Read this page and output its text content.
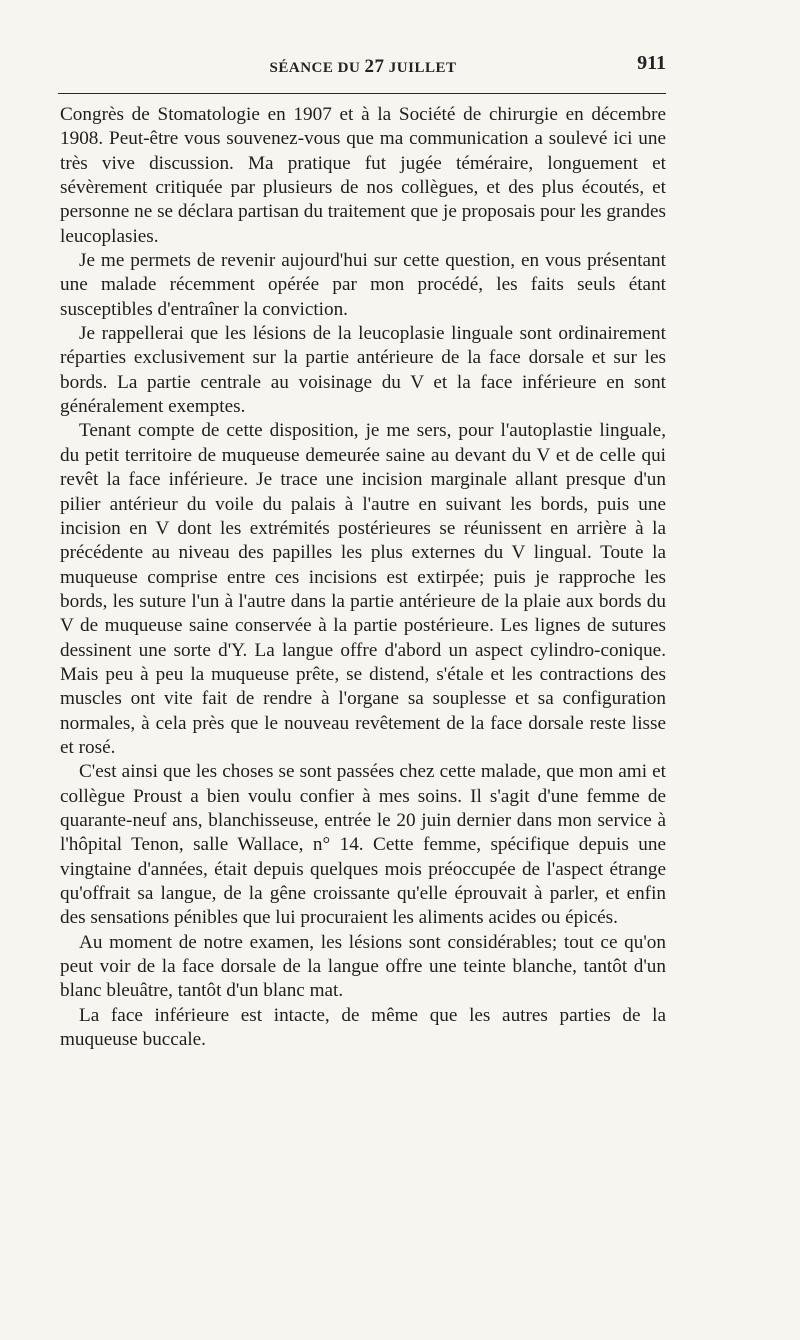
SÉANCE DU 27 JUILLET	911

Congrès de Stomatologie en 1907 et à la Société de chirurgie en décembre 1908. Peut-être vous souvenez-vous que ma communication a soulevé ici une très vive discussion. Ma pratique fut jugée téméraire, longuement et sévèrement critiquée par plusieurs de nos collègues, et des plus écoutés, et personne ne se déclara partisan du traitement que je proposais pour les grandes leucoplasies.

Je me permets de revenir aujourd'hui sur cette question, en vous présentant une malade récemment opérée par mon procédé, les faits seuls étant susceptibles d'entraîner la conviction.

Je rappellerai que les lésions de la leucoplasie linguale sont ordinairement réparties exclusivement sur la partie antérieure de la face dorsale et sur les bords. La partie centrale au voisinage du V et la face inférieure en sont généralement exemptes.

Tenant compte de cette disposition, je me sers, pour l'autoplastie linguale, du petit territoire de muqueuse demeurée saine au devant du V et de celle qui revêt la face inférieure. Je trace une incision marginale allant presque d'un pilier antérieur du voile du palais à l'autre en suivant les bords, puis une incision en V dont les extrémités postérieures se réunissent en arrière à la précédente au niveau des papilles les plus externes du V lingual. Toute la muqueuse comprise entre ces incisions est extirpée; puis je rapproche les bords, les suture l'un à l'autre dans la partie antérieure de la plaie aux bords du V de muqueuse saine conservée à la partie postérieure. Les lignes de sutures dessinent une sorte d'Y. La langue offre d'abord un aspect cylindro-conique. Mais peu à peu la muqueuse prête, se distend, s'étale et les contractions des muscles ont vite fait de rendre à l'organe sa souplesse et sa configuration normales, à cela près que le nouveau revêtement de la face dorsale reste lisse et rosé.

C'est ainsi que les choses se sont passées chez cette malade, que mon ami et collègue Proust a bien voulu confier à mes soins. Il s'agit d'une femme de quarante-neuf ans, blanchisseuse, entrée le 20 juin dernier dans mon service à l'hôpital Tenon, salle Wallace, n° 14. Cette femme, spécifique depuis une vingtaine d'années, était depuis quelques mois préoccupée de l'aspect étrange qu'offrait sa langue, de la gêne croissante qu'elle éprouvait à parler, et enfin des sensations pénibles que lui procuraient les aliments acides ou épicés.

Au moment de notre examen, les lésions sont considérables; tout ce qu'on peut voir de la face dorsale de la langue offre une teinte blanche, tantôt d'un blanc bleuâtre, tantôt d'un blanc mat.

La face inférieure est intacte, de même que les autres parties de la muqueuse buccale.
